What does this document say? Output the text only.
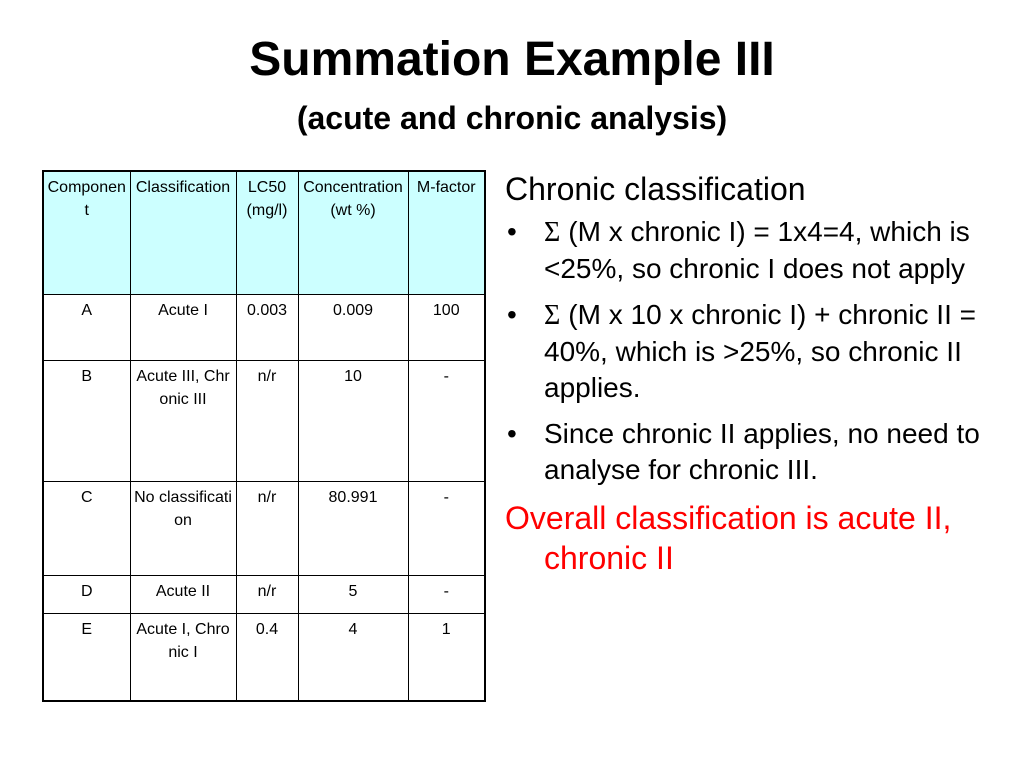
Summation Example III
(acute and chronic analysis)
Component	Classification	LC50 (mg/l)	Concentration (wt %)	M-factor
A	Acute I	0.003	0.009	100
B	Acute III, Chronic III	n/r	10	-
C	No classification	n/r	80.991	-
D	Acute II	n/r	5	-
E	Acute I, Chronic I	0.4	4	1
Chronic classification
• Σ (M x chronic I) = 1x4=4, which is <25%, so chronic I does not apply
• Σ (M x 10 x chronic I) + chronic II = 40%, which is >25%, so chronic II applies.
• Since chronic II applies, no need to analyse for chronic III.
Overall classification is acute II, chronic II
